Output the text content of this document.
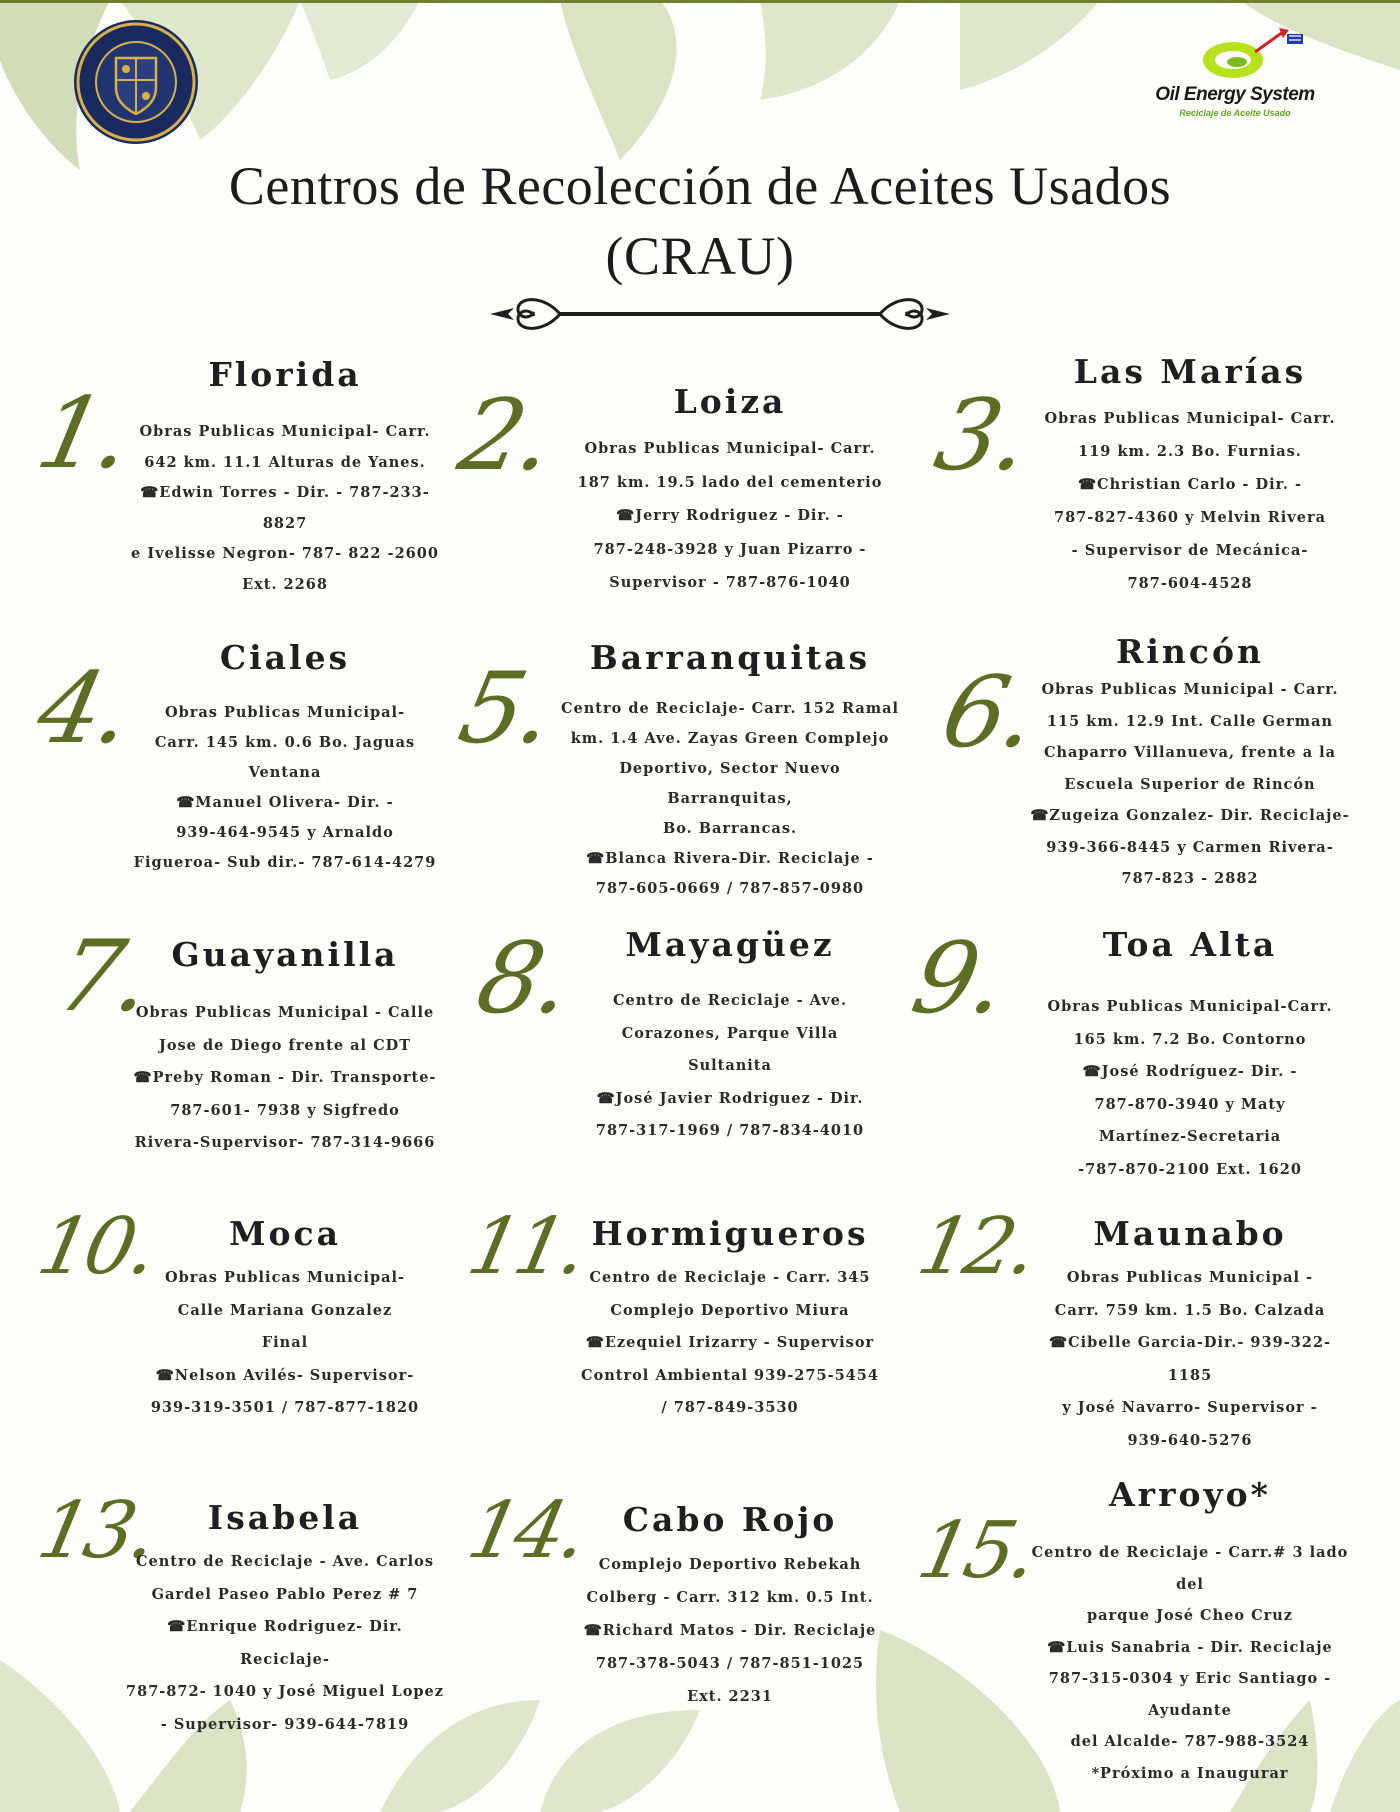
Oil Energy System
Reciclaje de Aceite Usado
Centros de Recolección de Aceites Usados
(CRAU)
1.
Florida
Obras Publicas Municipal- Carr.
642 km. 11.1 Alturas de Yanes.
☎Edwin Torres - Dir. - 787-233-8827
e Ivelisse Negron- 787- 822 -2600
Ext. 2268
2.	Loiza
Obras Publicas Municipal- Carr.
187 km. 19.5 lado del cementerio
☎Jerry Rodriguez - Dir. -
787-248-3928 y Juan Pizarro -
Supervisor - 787-876-1040
3.
Las Marías
Obras Publicas Municipal- Carr.
119 km. 2.3 Bo. Furnias.
☎Christian Carlo - Dir. -
787-827-4360 y Melvin Rivera
- Supervisor de Mecánica-
787-604-4528
4.	Ciales
Obras Publicas Municipal-
Carr. 145 km. 0.6 Bo. Jaguas
Ventana
☎Manuel Olivera- Dir. -
939-464-9545 y Arnaldo
Figueroa- Sub dir.- 787-614-4279
5. Barranquitas
Centro de Reciclaje- Carr. 152 Ramal
km. 1.4 Ave. Zayas Green Complejo
Deportivo, Sector Nuevo Barranquitas,
Bo. Barrancas.
☎Blanca Rivera-Dir. Reciclaje -
787-605-0669 / 787-857-0980
6.
Rincón
Obras Publicas Municipal - Carr.
115 km. 12.9 Int. Calle German
Chaparro Villanueva, frente a la
Escuela Superior de Rincón
☎Zugeiza Gonzalez- Dir. Reciclaje-
939-366-8445 y Carmen Rivera-
787-823 - 2882
7. Guayanilla
Obras Publicas Municipal - Calle
Jose de Diego frente al CDT
☎Preby Roman - Dir. Transporte-
787-601- 7938 y Sigfredo
Rivera-Supervisor- 787-314-9666
8.	Mayagüez
Centro de Reciclaje - Ave.
Corazones, Parque Villa
Sultanita
☎José Javier Rodriguez - Dir.
787-317-1969 / 787-834-4010
9.	Toa Alta
Obras Publicas Municipal-Carr.
165 km. 7.2 Bo. Contorno
☎José Rodríguez- Dir. -
787-870-3940 y Maty
Martínez-Secretaria
-787-870-2100 Ext. 1620
10.	Moca
Obras Publicas Municipal-
Calle Mariana Gonzalez
Final
☎Nelson Avilés- Supervisor-
939-319-3501 / 787-877-1820
11. Hormigueros
Centro de Reciclaje - Carr. 345
Complejo Deportivo Miura
☎Ezequiel Irizarry - Supervisor
Control Ambiental 939-275-5454
/ 787-849-3530
12.	Maunabo
Obras Publicas Municipal -
Carr. 759 km. 1.5 Bo. Calzada
☎Cibelle Garcia-Dir.- 939-322-1185
y José Navarro- Supervisor -
939-640-5276
13.	Isabela
Centro de Reciclaje - Ave. Carlos
Gardel Paseo Pablo Perez # 7
☎Enrique Rodriguez- Dir. Reciclaje-
787-872- 1040 y José Miguel Lopez
- Supervisor- 939-644-7819
14. Cabo Rojo
Complejo Deportivo Rebekah
Colberg - Carr. 312 km. 0.5 Int.
☎Richard Matos - Dir. Reciclaje
787-378-5043 / 787-851-1025
Ext. 2231
15.
Arroyo*
Centro de Reciclaje - Carr.# 3 lado del
parque José Cheo Cruz
☎Luis Sanabria - Dir. Reciclaje
787-315-0304 y Eric Santiago -Ayudante
del Alcalde- 787-988-3524
*Próximo a Inaugurar
